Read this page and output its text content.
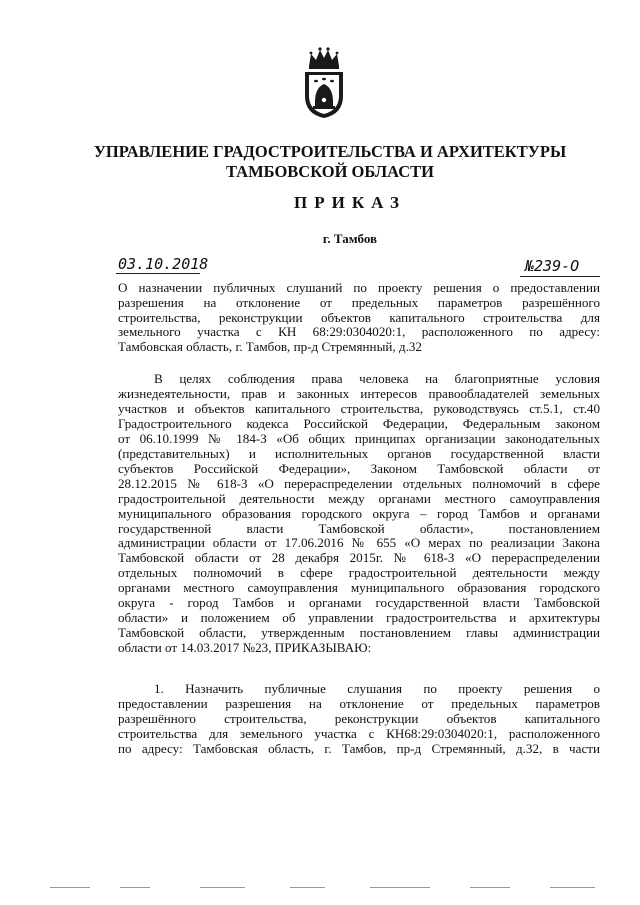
УПРАВЛЕНИЕ ГРАДОСТРОИТЕЛЬСТВА И АРХИТЕКТУРЫ
ТАМБОВСКОЙ ОБЛАСТИ
ПРИКАЗ
г. Тамбов
03.10.2018	№239-О
О назначении публичных слушаний по проекту решения о предоставлении
разрешения на отклонение от предельных параметров разрешённого
строительства, реконструкции объектов капитального строительства для
земельного участка с КН 68:29:0304020:1, расположенного по адресу:
Тамбовская область, г. Тамбов, пр-д Стремянный, д.32
В целях соблюдения права человека на благоприятные условия
жизнедеятельности, прав и законных интересов правообладателей земельных
участков и объектов капитального строительства, руководствуясь ст.5.1, ст.40
Градостроительного кодекса Российской Федерации, Федеральным законом
от 06.10.1999 № 184-З «Об общих принципах организации законодательных
(представительных) и исполнительных органов государственной власти
субъектов Российской Федерации», Законом Тамбовской области от
28.12.2015 № 618-З «О перераспределении отдельных полномочий в сфере
градостроительной деятельности между органами местного самоуправления
муниципального образования городского округа – город Тамбов и органами
государственной власти Тамбовской области», постановлением
администрации области от 17.06.2016 № 655 «О мерах по реализации Закона
Тамбовской области от 28 декабря 2015г. № 618-З «О перераспределении
отдельных полномочий в сфере градостроительной деятельности между
органами местного самоуправления муниципального образования городского
округа - город Тамбов и органами государственной власти Тамбовской
области» и положением об управлении градостроительства и архитектуры
Тамбовской области, утвержденным постановлением главы администрации
области от 14.03.2017 №23, ПРИКАЗЫВАЮ:
1. Назначить публичные слушания по проекту решения о
предоставлении разрешения на отклонение от предельных параметров
разрешённого строительства, реконструкции объектов капитального
строительства для земельного участка с КН68:29:0304020:1, расположенного
по адресу: Тамбовская область, г. Тамбов, пр-д Стремянный, д.32, в части
